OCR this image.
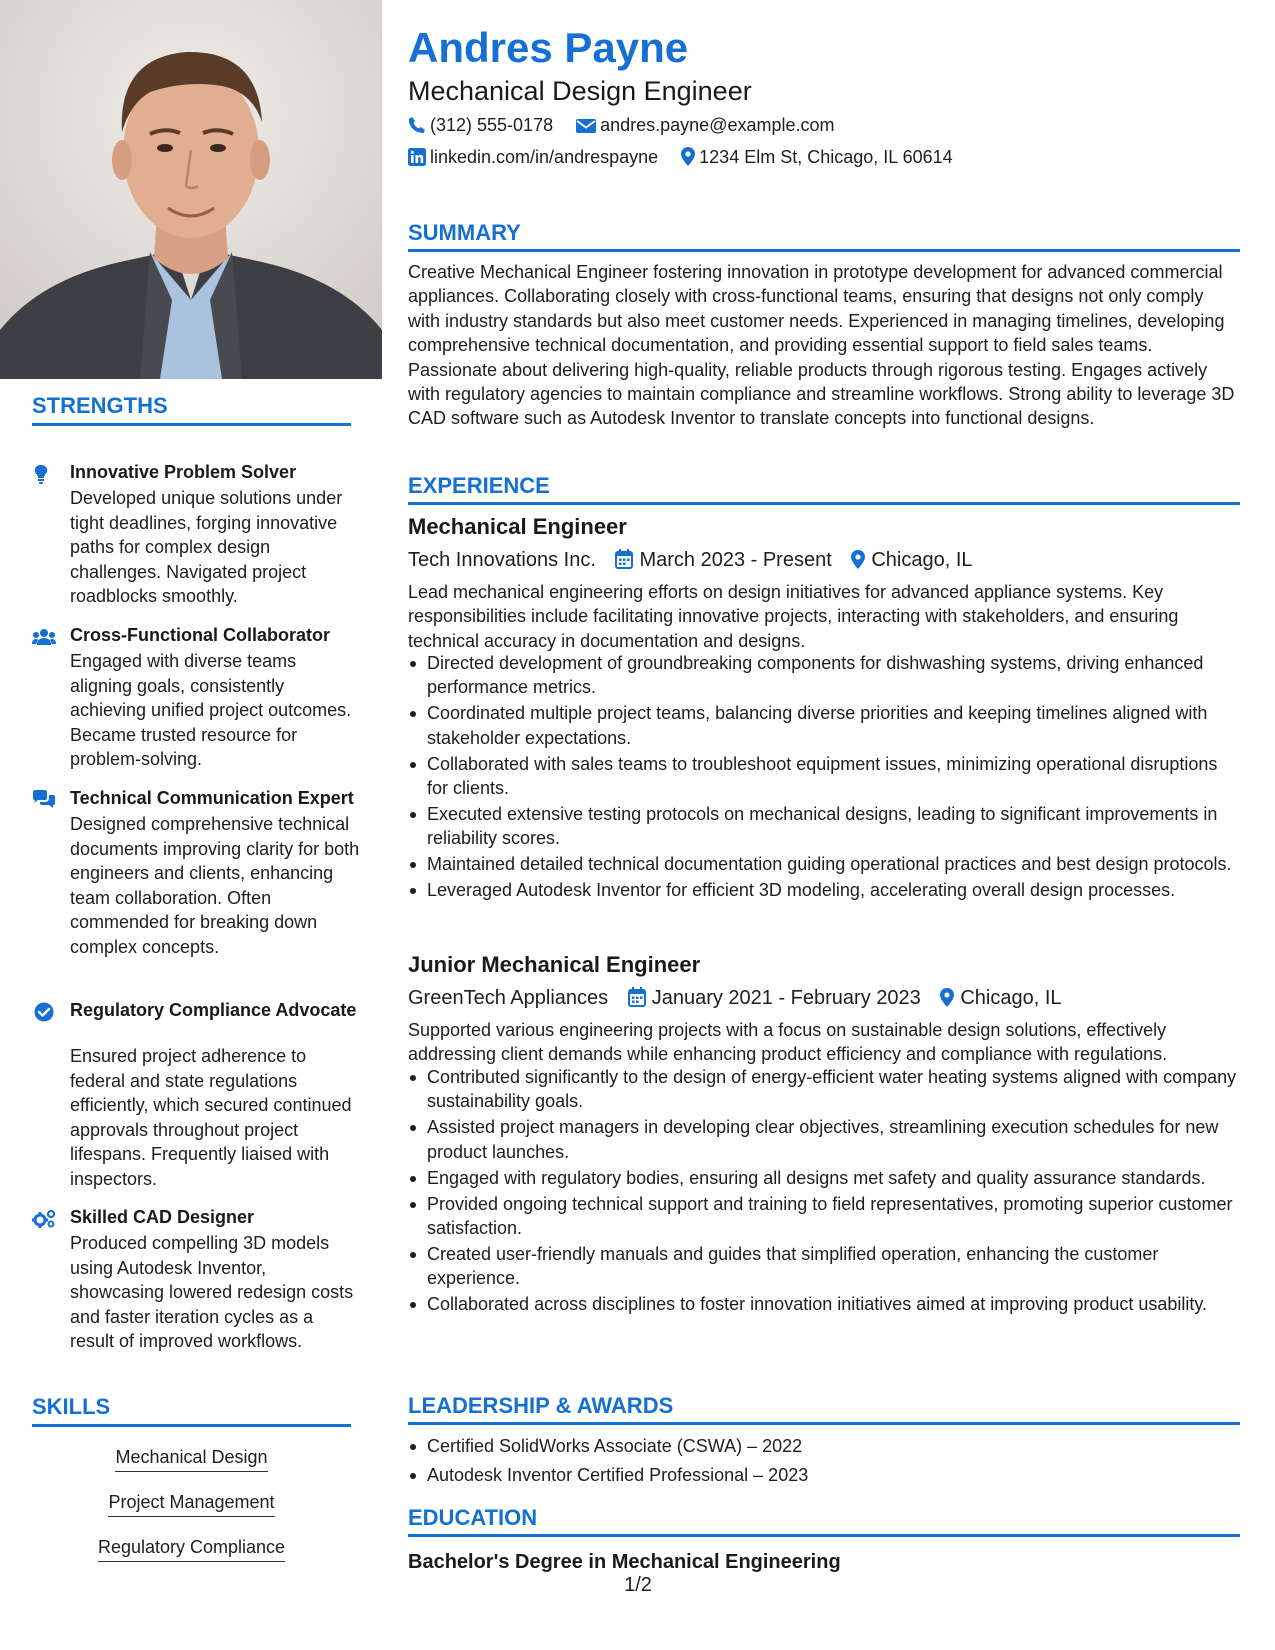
STRENGTHS
Innovative Problem Solver
Developed unique solutions under tight deadlines, forging innovative paths for complex design challenges. Navigated project roadblocks smoothly.
Cross-Functional Collaborator
Engaged with diverse teams aligning goals, consistently achieving unified project outcomes. Became trusted resource for problem-solving.
Technical Communication Expert
Designed comprehensive technical documents improving clarity for both engineers and clients, enhancing team collaboration. Often commended for breaking down complex concepts.
Regulatory Compliance Advocate
Ensured project adherence to federal and state regulations efficiently, which secured continued approvals throughout project lifespans. Frequently liaised with inspectors.
Skilled CAD Designer
Produced compelling 3D models using Autodesk Inventor, showcasing lowered redesign costs and faster iteration cycles as a result of improved workflows.
SKILLS
Mechanical Design
Project Management
Regulatory Compliance
Andres Payne
Mechanical Design Engineer
(312) 555-0178	andres.payne@example.com
linkedin.com/in/andrespayne 1234 Elm St, Chicago, IL 60614
SUMMARY
Creative Mechanical Engineer fostering innovation in prototype development for advanced commercial appliances. Collaborating closely with cross-functional teams, ensuring that designs not only comply with industry standards but also meet customer needs. Experienced in managing timelines, developing comprehensive technical documentation, and providing essential support to field sales teams. Passionate about delivering high-quality, reliable products through rigorous testing. Engages actively with regulatory agencies to maintain compliance and streamline workflows. Strong ability to leverage 3D CAD software such as Autodesk Inventor to translate concepts into functional designs.
EXPERIENCE
Mechanical Engineer
Tech Innovations Inc. March 2023 - Present Chicago, IL
Lead mechanical engineering efforts on design initiatives for advanced appliance systems. Key responsibilities include facilitating innovative projects, interacting with stakeholders, and ensuring technical accuracy in documentation and designs.
Directed development of groundbreaking components for dishwashing systems, driving enhanced performance metrics.
Coordinated multiple project teams, balancing diverse priorities and keeping timelines aligned with stakeholder expectations.
Collaborated with sales teams to troubleshoot equipment issues, minimizing operational disruptions for clients.
Executed extensive testing protocols on mechanical designs, leading to significant improvements in reliability scores.
Maintained detailed technical documentation guiding operational practices and best design protocols.
Leveraged Autodesk Inventor for efficient 3D modeling, accelerating overall design processes.
Junior Mechanical Engineer
GreenTech Appliances January 2021 - February 2023 Chicago, IL
Supported various engineering projects with a focus on sustainable design solutions, effectively addressing client demands while enhancing product efficiency and compliance with regulations.
Contributed significantly to the design of energy-efficient water heating systems aligned with company sustainability goals.
Assisted project managers in developing clear objectives, streamlining execution schedules for new product launches.
Engaged with regulatory bodies, ensuring all designs met safety and quality assurance standards.
Provided ongoing technical support and training to field representatives, promoting superior customer satisfaction.
Created user-friendly manuals and guides that simplified operation, enhancing the customer experience.
Collaborated across disciplines to foster innovation initiatives aimed at improving product usability.
LEADERSHIP & AWARDS
Certified SolidWorks Associate (CSWA) – 2022
Autodesk Inventor Certified Professional – 2023
EDUCATION
Bachelor's Degree in Mechanical Engineering
1/2
